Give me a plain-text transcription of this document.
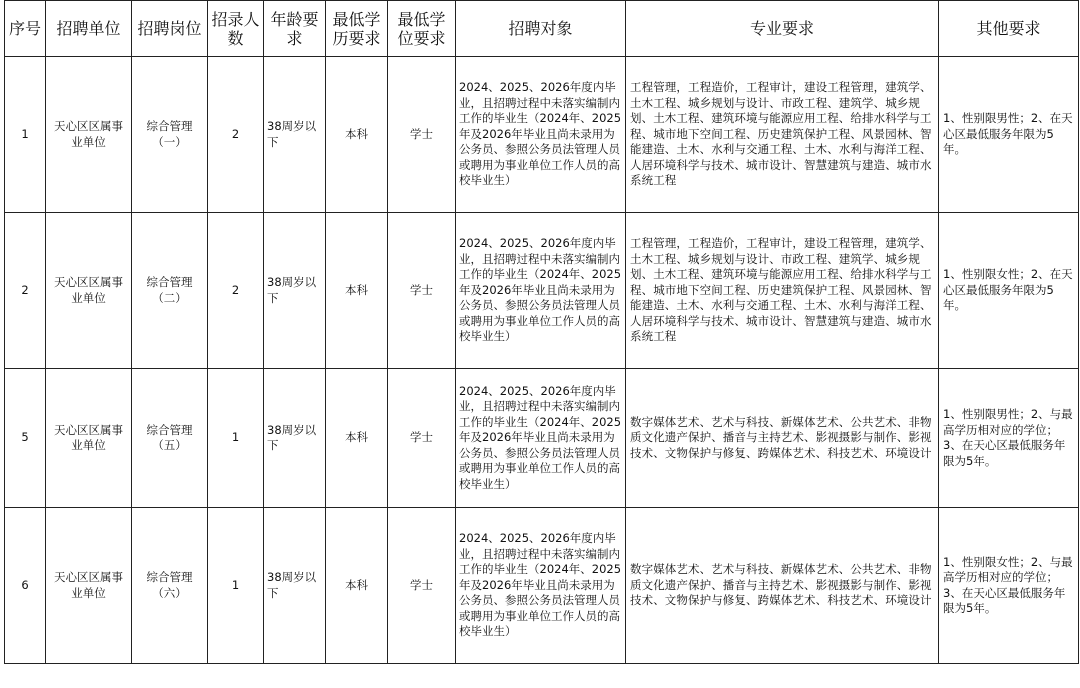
序号	招聘单位	招聘岗位	招录人数	年龄要求	最低学历要求	最低学位要求	招聘对象	专业要求	其他要求
1	天心区区属事业单位	综合管理（一）	2	38周岁以下	本科	学士	2024、2025、2026年度内毕业，且招聘过程中未落实编制内工作的毕业生（2024年、2025年及2026年毕业且尚未录用为公务员、参照公务员法管理人员或聘用为事业单位工作人员的高校毕业生）	工程管理，工程造价，工程审计，建设工程管理，建筑学、土木工程、城乡规划与设计、市政工程、建筑学、城乡规划、土木工程、建筑环境与能源应用工程、给排水科学与工程、城市地下空间工程、历史建筑保护工程、风景园林、智能建造、土木、水利与交通工程、土木、水利与海洋工程、人居环境科学与技术、城市设计、智慧建筑与建造、城市水系统工程	1、性别限男性；2、在天心区最低服务年限为5年。
2	天心区区属事业单位	综合管理（二）	2	38周岁以下	本科	学士	2024、2025、2026年度内毕业，且招聘过程中未落实编制内工作的毕业生（2024年、2025年及2026年毕业且尚未录用为公务员、参照公务员法管理人员或聘用为事业单位工作人员的高校毕业生）	工程管理，工程造价，工程审计，建设工程管理，建筑学、土木工程、城乡规划与设计、市政工程、建筑学、城乡规划、土木工程、建筑环境与能源应用工程、给排水科学与工程、城市地下空间工程、历史建筑保护工程、风景园林、智能建造、土木、水利与交通工程、土木、水利与海洋工程、人居环境科学与技术、城市设计、智慧建筑与建造、城市水系统工程	1、性别限女性；2、在天心区最低服务年限为5年。
5	天心区区属事业单位	综合管理（五）	1	38周岁以下	本科	学士	2024、2025、2026年度内毕业，且招聘过程中未落实编制内工作的毕业生（2024年、2025年及2026年毕业且尚未录用为公务员、参照公务员法管理人员或聘用为事业单位工作人员的高校毕业生）	数字媒体艺术、艺术与科技、新媒体艺术、公共艺术、非物质文化遗产保护、播音与主持艺术、影视摄影与制作、影视技术、文物保护与修复、跨媒体艺术、科技艺术、环境设计	1、性别限男性；2、与最高学历相对应的学位；3、在天心区最低服务年限为5年。
6	天心区区属事业单位	综合管理（六）	1	38周岁以下	本科	学士	2024、2025、2026年度内毕业，且招聘过程中未落实编制内工作的毕业生（2024年、2025年及2026年毕业且尚未录用为公务员、参照公务员法管理人员或聘用为事业单位工作人员的高校毕业生）	数字媒体艺术、艺术与科技、新媒体艺术、公共艺术、非物质文化遗产保护、播音与主持艺术、影视摄影与制作、影视技术、文物保护与修复、跨媒体艺术、科技艺术、环境设计	1、性别限女性；2、与最高学历相对应的学位；3、在天心区最低服务年限为5年。
